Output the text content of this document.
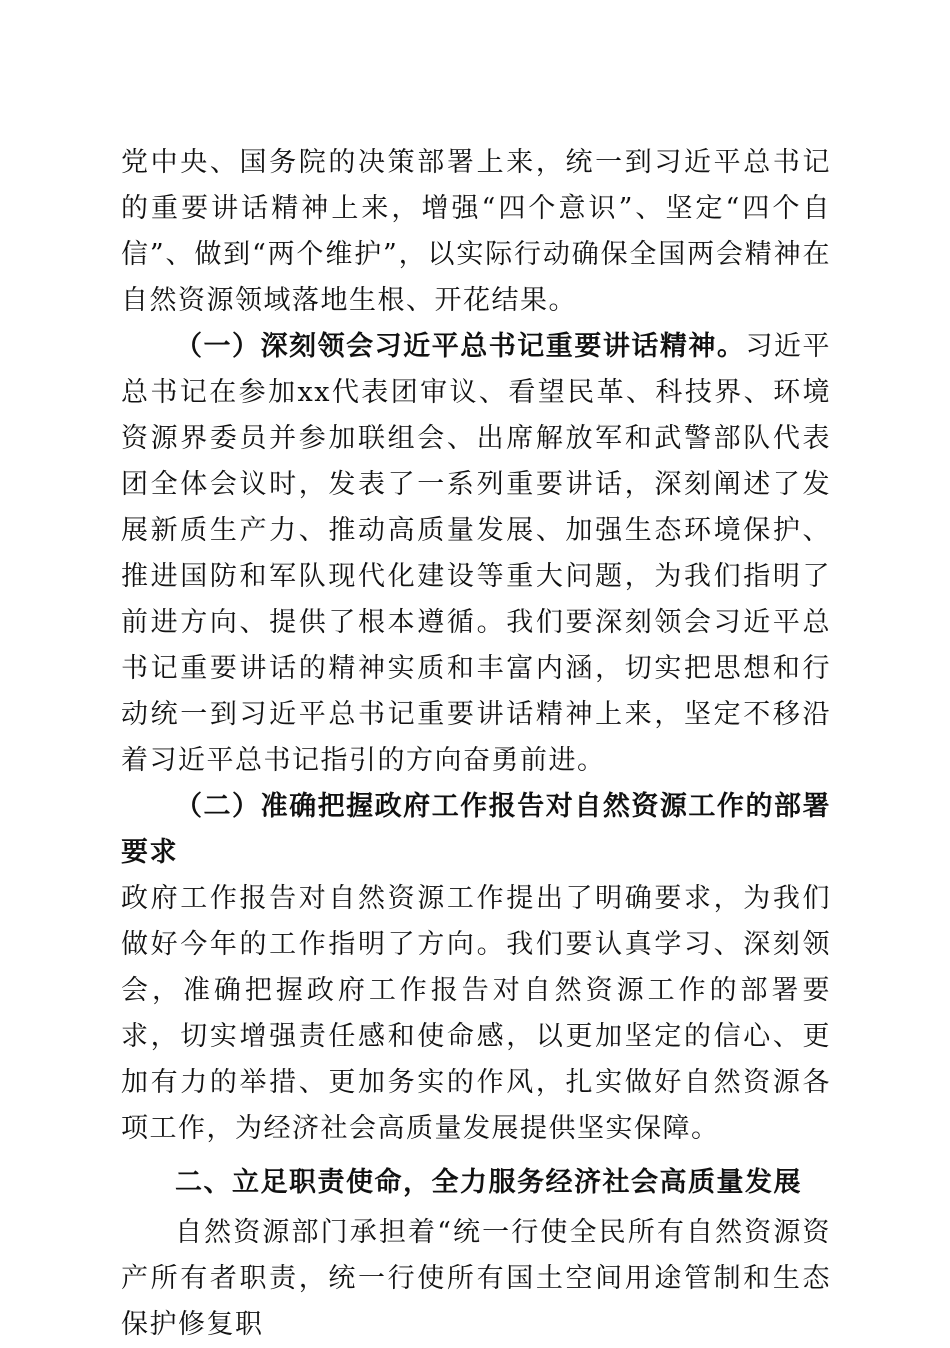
党中央、国务院的决策部署上来，统一到习近平总书记的重要讲话精神上来，增强“四个意识”、坚定“四个自信”、做到“两个维护”，以实际行动确保全国两会精神在自然资源领域落地生根、开花结果。

（一）深刻领会习近平总书记重要讲话精神。习近平总书记在参加xx代表团审议、看望民革、科技界、环境资源界委员并参加联组会、出席解放军和武警部队代表团全体会议时，发表了一系列重要讲话，深刻阐述了发展新质生产力、推动高质量发展、加强生态环境保护、推进国防和军队现代化建设等重大问题，为我们指明了前进方向、提供了根本遵循。我们要深刻领会习近平总书记重要讲话的精神实质和丰富内涵，切实把思想和行动统一到习近平总书记重要讲话精神上来，坚定不移沿着习近平总书记指引的方向奋勇前进。

（二）准确把握政府工作报告对自然资源工作的部署要求

政府工作报告对自然资源工作提出了明确要求，为我们做好今年的工作指明了方向。我们要认真学习、深刻领会，准确把握政府工作报告对自然资源工作的部署要求，切实增强责任感和使命感，以更加坚定的信心、更加有力的举措、更加务实的作风，扎实做好自然资源各项工作，为经济社会高质量发展提供坚实保障。

二、立足职责使命，全力服务经济社会高质量发展

自然资源部门承担着“统一行使全民所有自然资源资产所有者职责，统一行使所有国土空间用途管制和生态保护修复职
